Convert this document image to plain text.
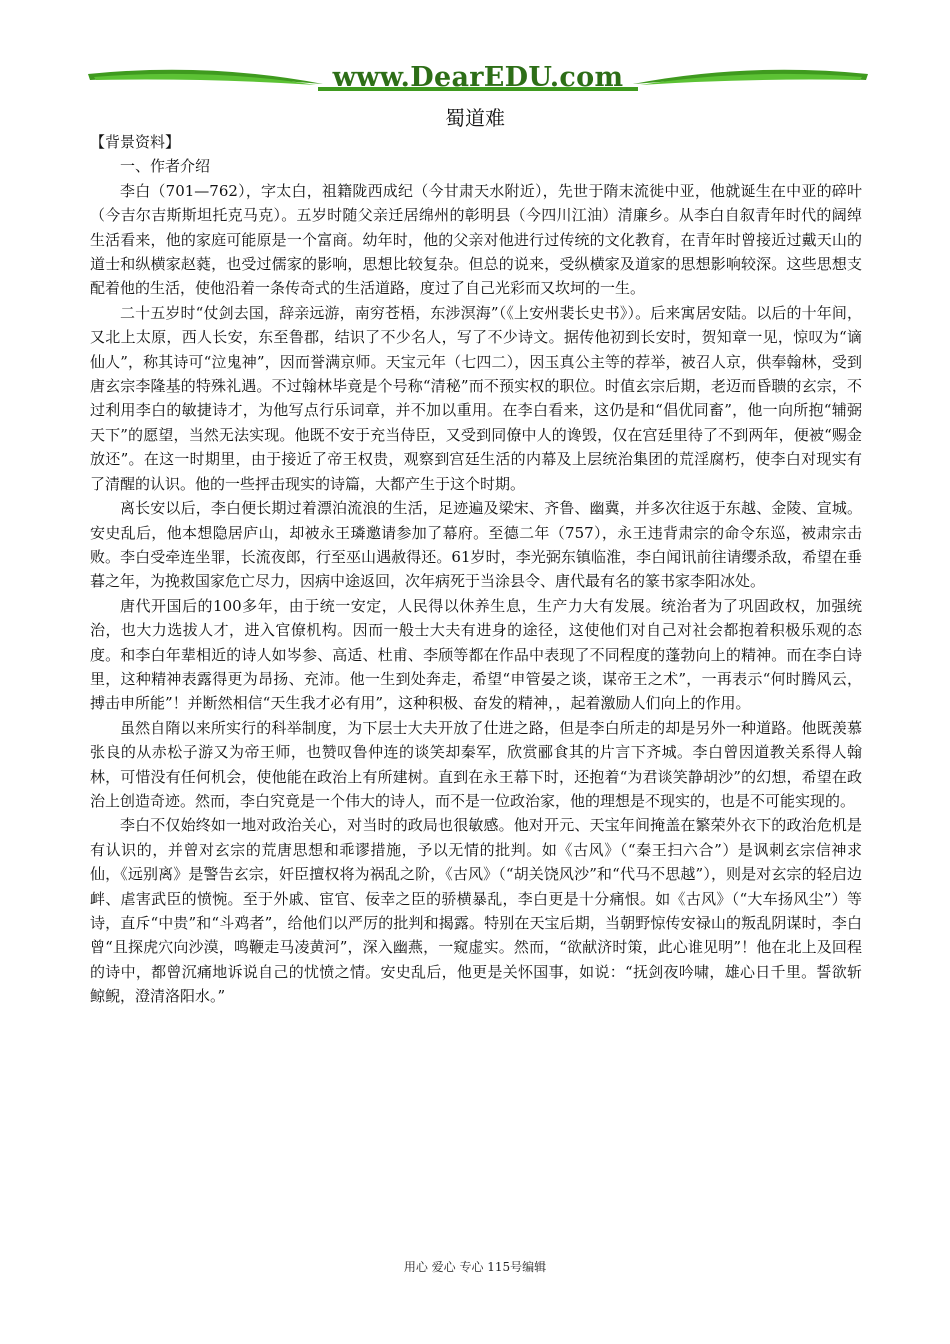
www.DearEDU.com
蜀道难

【背景资料】

一、作者介绍

李白（701—762），字太白，祖籍陇西成纪（今甘肃天水附近），先世于隋末流徙中亚，他就诞生在中亚的碎叶（今吉尔吉斯斯坦托克马克）。五岁时随父亲迁居绵州的彰明县（今四川江油）清廉乡。从李白自叙青年时代的阔绰生活看来，他的家庭可能原是一个富商。幼年时，他的父亲对他进行过传统的文化教育，在青年时曾接近过戴天山的道士和纵横家赵蕤，也受过儒家的影响，思想比较复杂。但总的说来，受纵横家及道家的思想影响较深。这些思想支配着他的生活，使他沿着一条传奇式的生活道路，度过了自己光彩而又坎坷的一生。

二十五岁时“仗剑去国，辞亲远游，南穷苍梧，东涉溟海”（《上安州裴长史书》）。后来寓居安陆。以后的十年间，又北上太原，西人长安，东至鲁郡，结识了不少名人，写了不少诗文。据传他初到长安时，贺知章一见，惊叹为“谪仙人”，称其诗可“泣鬼神”，因而誉满京师。天宝元年（七四二），因玉真公主等的荐举，被召人京，供奉翰林，受到唐玄宗李隆基的特殊礼遇。不过翰林毕竟是个号称“清秘”而不预实权的职位。时值玄宗后期，老迈而昏聩的玄宗，不过利用李白的敏捷诗才，为他写点行乐词章，并不加以重用。在李白看来，这仍是和“倡优同畜”，他一向所抱“辅弼天下”的愿望，当然无法实现。他既不安于充当侍臣，又受到同僚中人的谗毁，仅在宫廷里待了不到两年，便被“赐金放还”。在这一时期里，由于接近了帝王权贵，观察到宫廷生活的内幕及上层统治集团的荒淫腐朽，使李白对现实有了清醒的认识。他的一些抨击现实的诗篇，大都产生于这个时期。

离长安以后，李白便长期过着漂泊流浪的生活，足迹遍及梁宋、齐鲁、幽冀，并多次往返于东越、金陵、宣城。安史乱后，他本想隐居庐山，却被永王璘邀请参加了幕府。至德二年（757），永王违背肃宗的命令东巡，被肃宗击败。李白受牵连坐罪，长流夜郎，行至巫山遇赦得还。61岁时，李光弼东镇临淮，李白闻讯前往请缨杀敌，希望在垂暮之年，为挽救国家危亡尽力，因病中途返回，次年病死于当涂县令、唐代最有名的篆书家李阳冰处。

唐代开国后的100多年，由于统一安定，人民得以休养生息，生产力大有发展。统治者为了巩固政权，加强统治，也大力选拔人才，进入官僚机构。因而一般士大夫有进身的途径，这使他们对自己对社会都抱着积极乐观的态度。和李白年辈相近的诗人如岑参、高适、杜甫、李颀等都在作品中表现了不同程度的蓬勃向上的精神。而在李白诗里，这种精神表露得更为昂扬、充沛。他一生到处奔走，希望“申管晏之谈，谋帝王之术”，一再表示“何时腾风云，搏击申所能”！并断然相信“天生我才必有用”，这种积极、奋发的精神，，起着激励人们向上的作用。

虽然自隋以来所实行的科举制度，为下层士大夫开放了仕进之路，但是李白所走的却是另外一种道路。他既羡慕张良的从赤松子游又为帝王师，也赞叹鲁仲连的谈笑却秦军，欣赏郦食其的片言下齐城。李白曾因道教关系得人翰林，可惜没有任何机会，使他能在政治上有所建树。直到在永王幕下时，还抱着“为君谈笑静胡沙”的幻想，希望在政治上创造奇迹。然而，李白究竟是一个伟大的诗人，而不是一位政治家，他的理想是不现实的，也是不可能实现的。

李白不仅始终如一地对政治关心，对当时的政局也很敏感。他对开元、天宝年间掩盖在繁荣外衣下的政治危机是有认识的，并曾对玄宗的荒唐思想和乖谬措施，予以无情的批判。如《古风》（“秦王扫六合”）是讽刺玄宗信神求仙，《远别离》是警告玄宗，奸臣擅权将为祸乱之阶，《古风》（“胡关饶风沙”和“代马不思越”），则是对玄宗的轻启边衅、虐害武臣的愤惋。至于外戚、宦官、佞幸之臣的骄横暴乱，李白更是十分痛恨。如《古风》（“大车扬风尘”）等诗，直斥“中贵”和“斗鸡者”，给他们以严厉的批判和揭露。特别在天宝后期，当朝野惊传安禄山的叛乱阴谋时，李白曾“且探虎穴向沙漠，鸣鞭走马凌黄河”，深入幽燕，一窥虚实。然而，“欲献济时策，此心谁见明”！他在北上及回程的诗中，都曾沉痛地诉说自己的忧愤之情。安史乱后，他更是关怀国事，如说：“抚剑夜吟啸，雄心日千里。誓欲斩鲸鲵，澄清洛阳水。”

用心 爱心 专心 115号编辑
